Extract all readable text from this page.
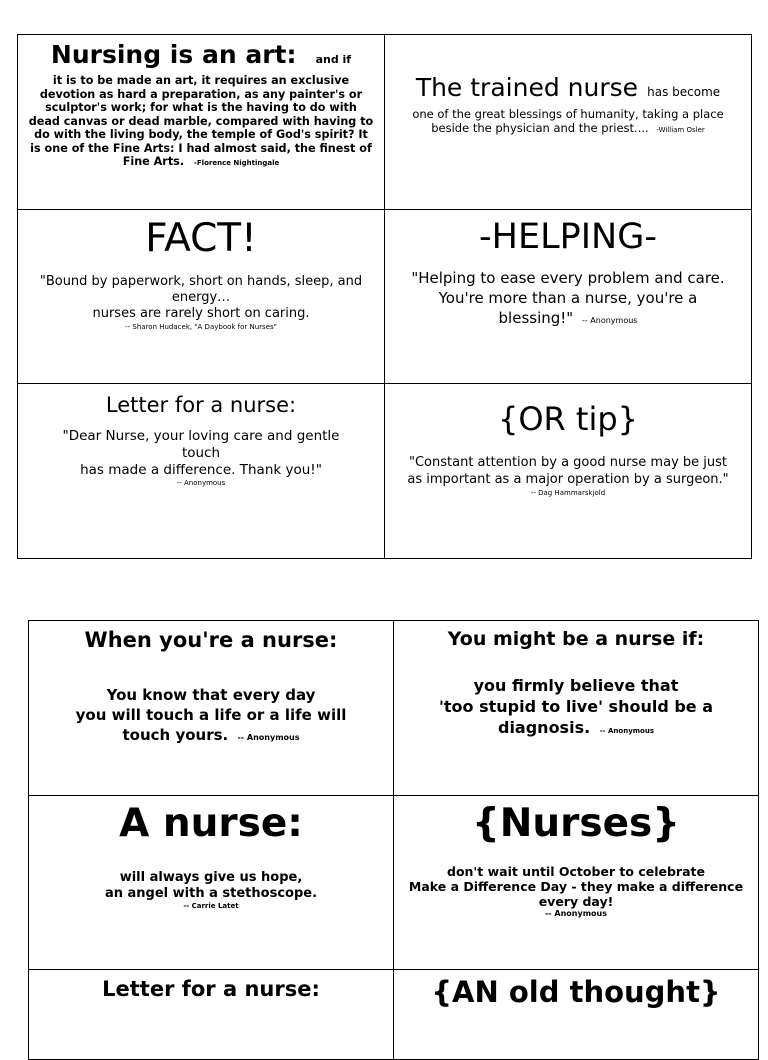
Nursing is an art: and if
it is to be made an art, it requires an exclusive devotion as hard a preparation, as any painter's or sculptor's work; for what is the having to do with dead canvas or dead marble, compared with having to do with the living body, the temple of God's spirit? It is one of the Fine Arts: I had almost said, the finest of Fine Arts. -Florence Nightingale
The trained nurse has become
one of the great blessings of humanity, taking a place beside the physician and the priest.... -William Osler
FACT!
"Bound by paperwork, short on hands, sleep, and energy…
nurses are rarely short on caring.
-- Sharon Hudacek, "A Daybook for Nurses"
-HELPING-
"Helping to ease every problem and care.
You're more than a nurse, you're a blessing!" -- Anonymous
Letter for a nurse:
"Dear Nurse, your loving care and gentle touch
has made a difference. Thank you!"
-- Anonymous
{OR tip}
"Constant attention by a good nurse may be just as important as a major operation by a surgeon."
-- Dag Hammarskjold
When you're a nurse:
You know that every day
you will touch a life or a life will touch yours. -- Anonymous
You might be a nurse if:
you firmly believe that
'too stupid to live' should be a diagnosis. -- Anonymous
A nurse:
will always give us hope,
an angel with a stethoscope.
-- Carrie Latet
{Nurses}
don't wait until October to celebrate
Make a Difference Day - they make a difference every day!
-- Anonymous
Letter for a nurse:	{AN old thought}
